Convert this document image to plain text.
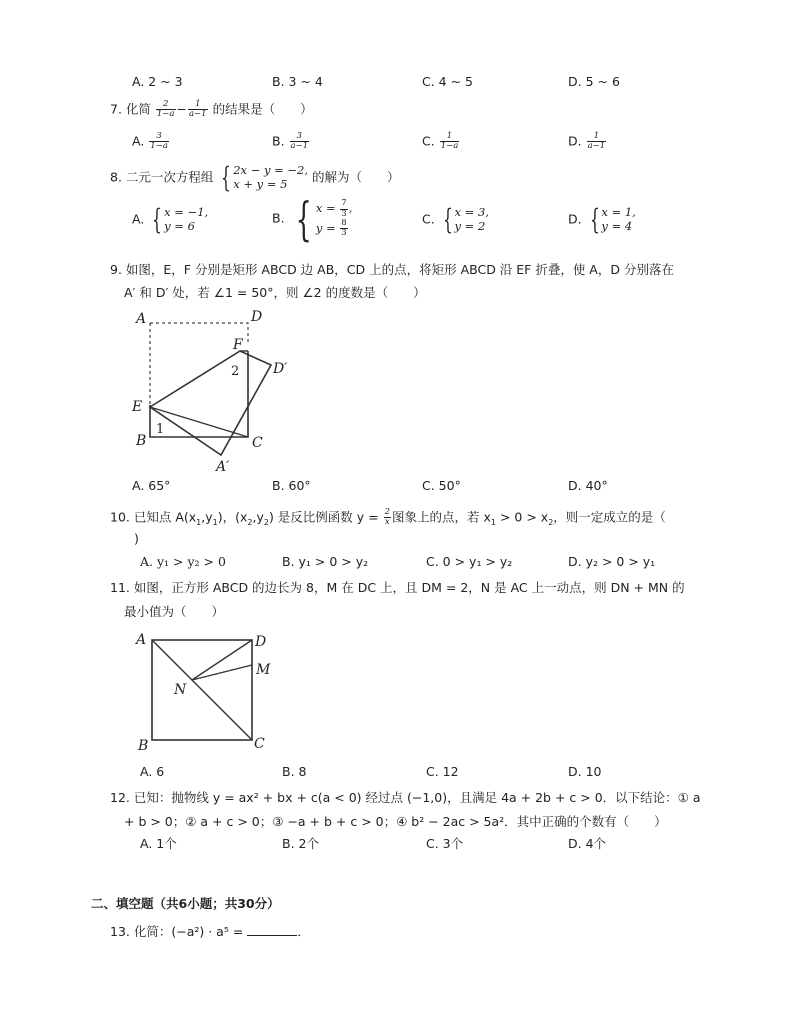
A. 2 ~ 3	B. 3 ~ 4	C. 4 ~ 5	D. 5 ~ 6
7. 化简 $\frac{2}{1-a} - \frac{1}{a-1}$ 的结果是（　　）
A. $\frac{3}{1-a}$	B. $\frac{3}{a-1}$	C. $\frac{1}{1-a}$	D. $\frac{1}{a-1}$
8. 二元一次方程组 { 2x − y = −2,
x + y = 5	的解为（　　）
A. { x = −1,
y = 6
B. { $x = \frac{7}{3}$ ,
$y = \frac{8}{3}$	C. { x = 3,
y = 2	D. { x = 1,
y = 4
9. 如图，E，F 分别是矩形 ABCD 边 AB，CD 上的点，将矩形 ABCD 沿 EF 折叠，使 A，D 分别落在
A′ 和 D′ 处，若 ∠1 = 50°，则 ∠2 的度数是（　　）
A	D
F
2 D′
E
1
B	C
A′
A. 65°	B. 60°	C. 50°	D. 40°
10. 已知点 $A(x_1,y_1)$，$(x_2,y_2)$ 是反比例函数 $y = \frac{2}{x}$ 图象上的点，若 $x_1 > 0 > x_2$，则一定成立的是（
)
A. y₁ > y₂ > 0	B. y₁ > 0 > y₂	C. 0 > y₁ > y₂	D. y₂ > 0 > y₁
11. 如图，正方形 ABCD 的边长为 8，M 在 DC 上，且 DM = 2，N 是 AC 上一动点，则 DN + MN 的
最小值为（　　）
A	D
M
N
B	C
A. 6	B. 8	C. 12	D. 10
12. 已知：抛物线 y = ax² + bx + c(a < 0) 经过点 (−1,0)，且满足 4a + 2b + c > 0．以下结论：① a
+ b > 0；② a + c > 0；③ −a + b + c > 0；④ b² − 2ac > 5a²．其中正确的个数有（　　）
A. 1个	B. 2个	C. 3个	D. 4个
二、填空题（共6小题；共30分）
13. 化简：(−a²) · a⁵ =	．
